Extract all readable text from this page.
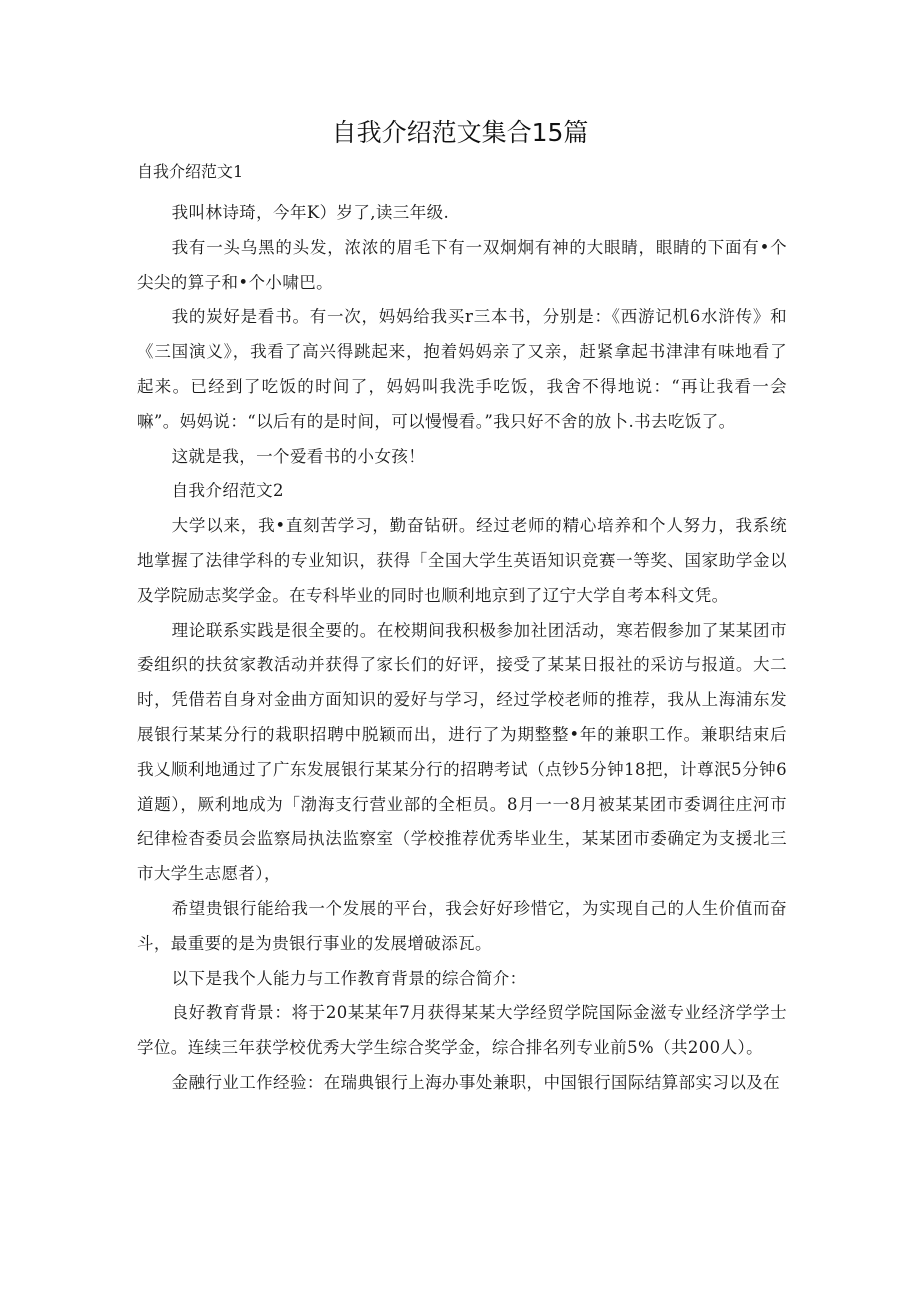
自我介绍范文集合15篇
自我介绍范文1

我叫林诗琦，今年K）岁了,读三年级.

我有一头乌黑的头发，浓浓的眉毛下有一双炯炯有神的大眼睛，眼睛的下面有•个尖尖的算子和•个小啸巴。

我的炭好是看书。有一次，妈妈给我买r三本书，分别是：《西游记机6水浒传》和《三国演义》，我看了高兴得跳起来，抱着妈妈亲了又亲，赶紧拿起书津津有味地看了起来。已经到了吃饭的时间了，妈妈叫我洗手吃饭，我舍不得地说：“再让我看一会嘛”。妈妈说：“以后有的是时间，可以慢慢看。”我只好不舍的放卜.书去吃饭了。

这就是我，一个爱看书的小女孩！

自我介绍范文2

大学以来，我•直刻苦学习，勤奋钻研。经过老师的精心培养和个人努力，我系统地掌握了法律学科的专业知识，获得「全国大学生英语知识竞赛一等奖、国家助学金以及学院励志奖学金。在专科毕业的同时也顺利地京到了辽宁大学自考本科文凭。

理论联系实践是很全要的。在校期间我积极参加社团活动，寒若假参加了某某团市委组织的扶贫家教活动并获得了家长们的好评，接受了某某日报社的采访与报道。大二时，凭借若自身对金曲方面知识的爱好与学习，经过学校老师的推荐，我从上海浦东发展银行某某分行的栽职招聘中脱颖而出，进行了为期整整•年的兼职工作。兼职结束后我乂顺利地通过了广东发展银行某某分行的招聘考试（点钞5分钟18把，计尊泯5分钟6道题），厥利地成为「渤海支行营业部的全柜员。8月一一8月被某某团市委调往庄河市纪律检杳委员会监察局执法监察室（学校推荐优秀毕业生，某某团市委确定为支援北三市大学生志愿者），

希望贵银行能给我一个发展的平台，我会好好珍惜它，为实现自己的人生价值而奋斗，最重要的是为贵银行事业的发展增破添瓦。

以下是我个人能力与工作教育背景的综合简介：

良好教育背景：将于20某某年7月获得某某大学经贸学院国际金滋专业经济学学士学位。连续三年获学校优秀大学生综合奖学金，综合排名列专业前5%（共200人）。

金融行业工作经验：在瑞典银行上海办事处兼职，中国银行国际结算部实习以及在
